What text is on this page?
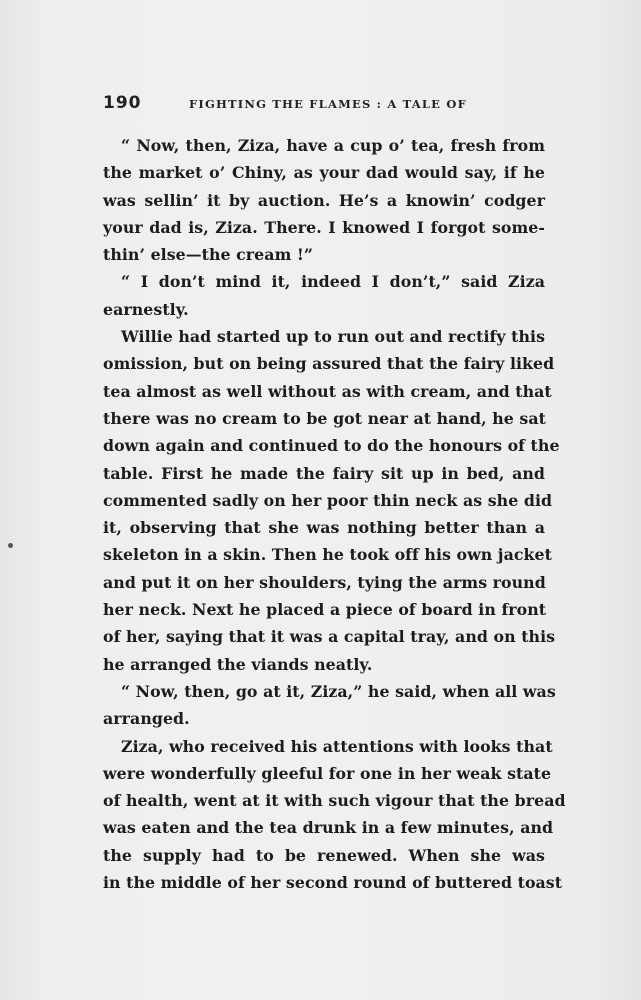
190	FIGHTING THE FLAMES : A TALE OF
“ Now, then, Ziza, have a cup o’ tea, fresh from
the market o’ Chiny, as your dad would say, if he
was sellin’ it by auction. He’s a knowin’ codger
your dad is, Ziza. There. I knowed I forgot some-
thin’ else—the cream !”
“ I don’t mind it, indeed I don’t,” said Ziza
earnestly.
Willie had started up to run out and rectify this
omission, but on being assured that the fairy liked
tea almost as well without as with cream, and that
there was no cream to be got near at hand, he sat
down again and continued to do the honours of the
table. First he made the fairy sit up in bed, and
commented sadly on her poor thin neck as she did
it, observing that she was nothing better than a
skeleton in a skin. Then he took off his own jacket
and put it on her shoulders, tying the arms round
her neck. Next he placed a piece of board in front
of her, saying that it was a capital tray, and on this
he arranged the viands neatly.
“ Now, then, go at it, Ziza,” he said, when all was
arranged.
Ziza, who received his attentions with looks that
were wonderfully gleeful for one in her weak state
of health, went at it with such vigour that the bread
was eaten and the tea drunk in a few minutes, and
the supply had to be renewed. When she was
in the middle of her second round of buttered toast
